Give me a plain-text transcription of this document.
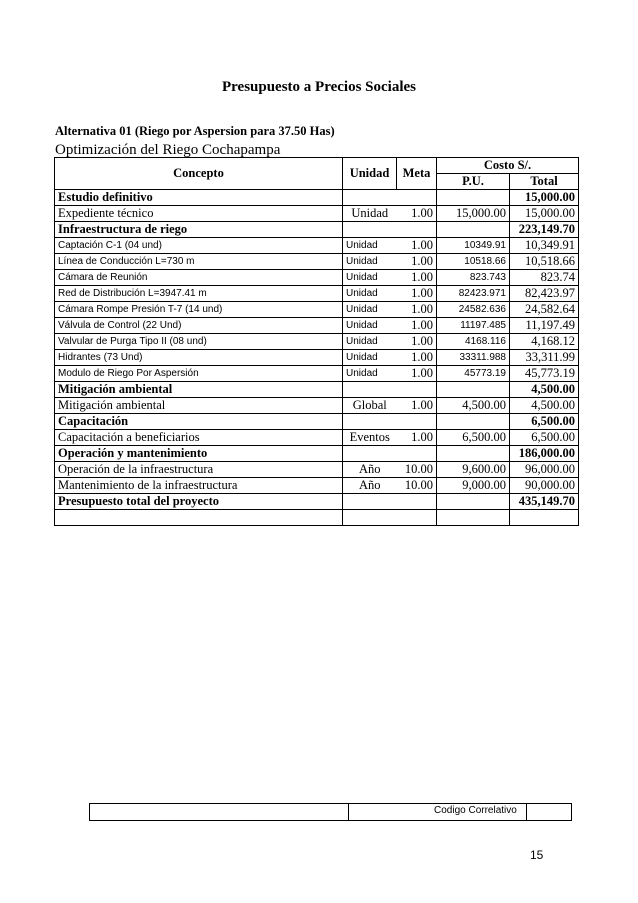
Presupuesto a Precios Sociales
Alternativa 01 (Riego por Aspersion para 37.50 Has)
Optimización del Riego Cochapampa
Concepto	Unidad	Meta	Costo S/.	
			P.U.	Total
Estudio definitivo				15,000.00
Expediente técnico	Unidad	1.00	15,000.00	15,000.00
Infraestructura de riego				223,149.70
Captación C-1 (04 und)	Unidad	1.00	10349.91	10,349.91
Línea de Conducción L=730 m	Unidad	1.00	10518.66	10,518.66
Cámara de Reunión	Unidad	1.00	823.743	823.74
Red de Distribución L=3947.41 m	Unidad	1.00	82423.971	82,423.97
Cámara Rompe Presión T-7 (14 und)	Unidad	1.00	24582.636	24,582.64
Válvula de Control (22 Und)	Unidad	1.00	11197.485	11,197.49
Valvular de Purga Tipo II (08 und)	Unidad	1.00	4168.116	4,168.12
Hidrantes (73 Und)	Unidad	1.00	33311.988	33,311.99
Modulo de Riego Por Aspersión	Unidad	1.00	45773.19	45,773.19
Mitigación ambiental				4,500.00
Mitigación ambiental	Global	1.00	4,500.00	4,500.00
Capacitación				6,500.00
Capacitación a beneficiarios	Eventos	1.00	6,500.00	6,500.00
Operación y mantenimiento				186,000.00
Operación de la infraestructura	Año	10.00	9,600.00	96,000.00
Mantenimiento de la infraestructura	Año	10.00	9,000.00	90,000.00
Presupuesto total del proyecto				435,149.70

Codigo Correlativo
15
